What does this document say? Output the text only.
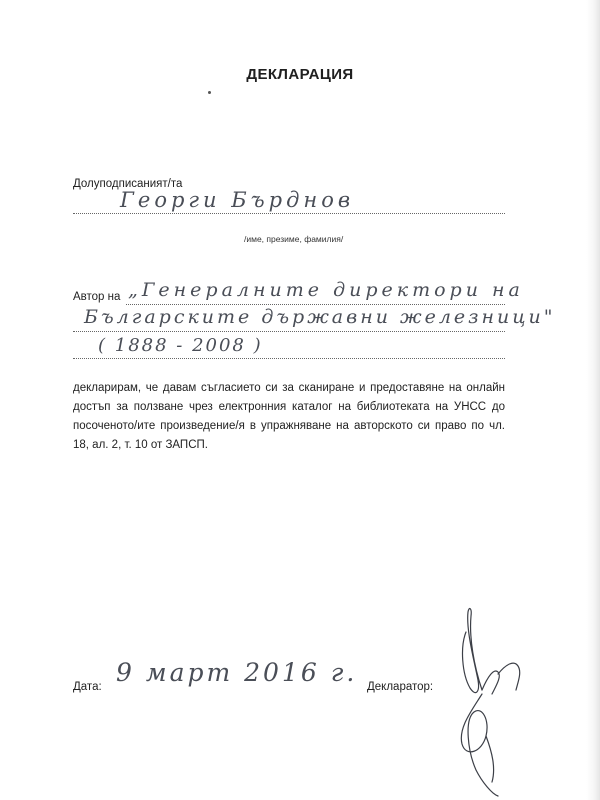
ДЕКЛАРАЦИЯ
Долуподписаният/та
Георги Бърднов
/име, презиме, фамилия/
Автор на „Генералните директори на
Българските държавни железници"
( 1888 - 2008 )
декларирам, че давам съгласието си за сканиране и предоставяне на онлайн достъп за ползване чрез електронния каталог на библиотеката на УНСС до посоченото/ите произведение/я в упражняване на авторското си право по чл. 18, ал. 2, т. 10 от ЗАПСП.
Дата: 9 март 2016 г. Декларатор:
